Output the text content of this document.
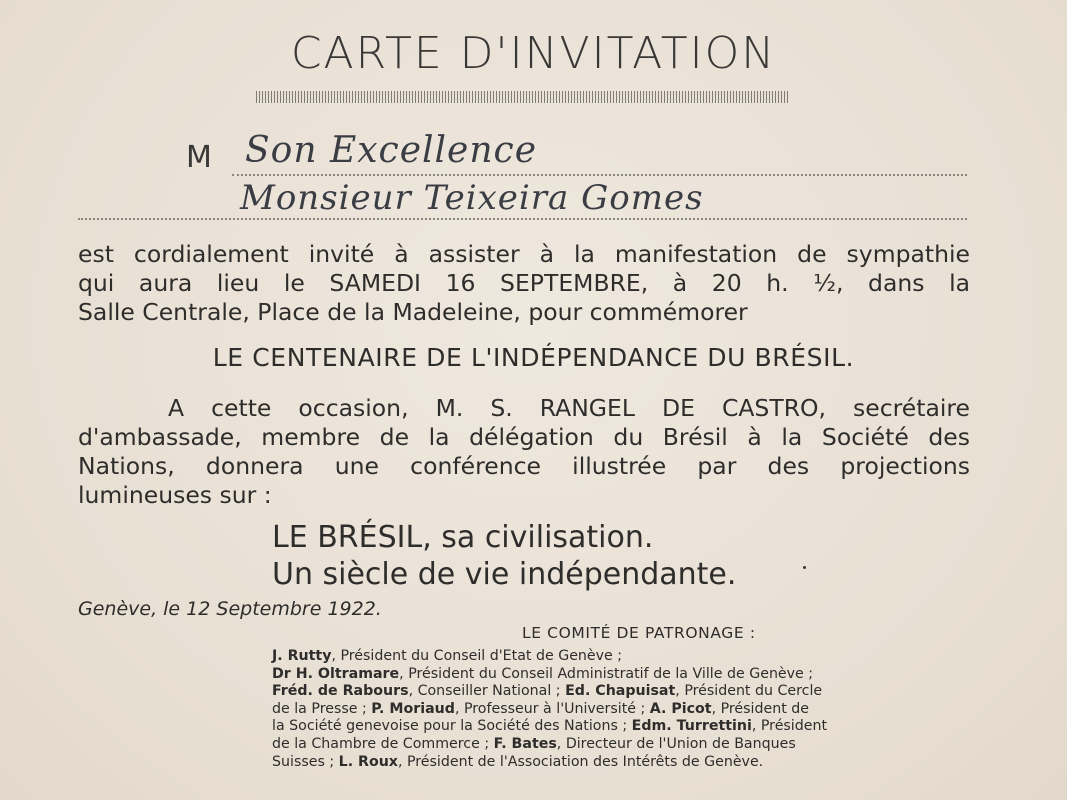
CARTE D'INVITATION
M Son Excellence
Monsieur Teixeira Gomes
est cordialement invité à assister à la manifestation de sympathie
qui aura lieu le SAMEDI 16 SEPTEMBRE, à 20 h. ½, dans la
Salle Centrale, Place de la Madeleine, pour commémorer
LE CENTENAIRE DE L'INDÉPENDANCE DU BRÉSIL.
A cette occasion, M. S. RANGEL DE CASTRO, secrétaire
d'ambassade, membre de la délégation du Brésil à la Société des
Nations, donnera une conférence illustrée par des projections
lumineuses sur :
LE BRÉSIL, sa civilisation.
Un siècle de vie indépendante.
Genève, le 12 Septembre 1922.
LE COMITÉ DE PATRONAGE :
J. Rutty, Président du Conseil d'Etat de Genève ;
Dr H. Oltramare, Président du Conseil Administratif de la Ville de Genève ;
Fréd. de Rabours, Conseiller National ; Ed. Chapuisat, Président du Cercle
de la Presse ; P. Moriaud, Professeur à l'Université ; A. Picot, Président de
la Société genevoise pour la Société des Nations ; Edm. Turrettini, Président
de la Chambre de Commerce ; F. Bates, Directeur de l'Union de Banques
Suisses ; L. Roux, Président de l'Association des Intérêts de Genève.
